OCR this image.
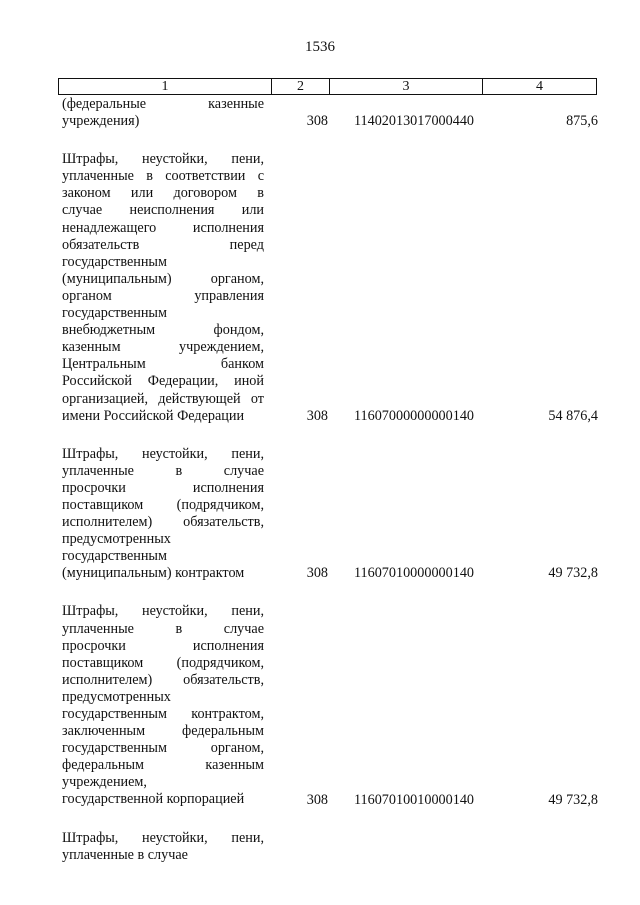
1536
1	2	3	4
(федеральные казенные
учреждения)	308	11402013017000440	875,6
Штрафы, неустойки, пени,
уплаченные в соответствии с
законом или договором в
случае неисполнения или
ненадлежащего исполнения
обязательств перед
государственным
(муниципальным) органом,
органом управления
государственным
внебюджетным фондом,
казенным учреждением,
Центральным банком
Российской Федерации, иной
организацией, действующей от
имени Российской Федерации	308	11607000000000140	54 876,4
Штрафы, неустойки, пени,
уплаченные в случае
просрочки исполнения
поставщиком (подрядчиком,
исполнителем) обязательств,
предусмотренных
государственным
(муниципальным) контрактом	308	11607010000000140	49 732,8
Штрафы, неустойки, пени,
уплаченные в случае
просрочки исполнения
поставщиком (подрядчиком,
исполнителем) обязательств,
предусмотренных
государственным контрактом,
заключенным федеральным
государственным органом,
федеральным казенным
учреждением,
государственной корпорацией	308	11607010010000140	49 732,8
Штрафы, неустойки, пени,
уплаченные в случае
